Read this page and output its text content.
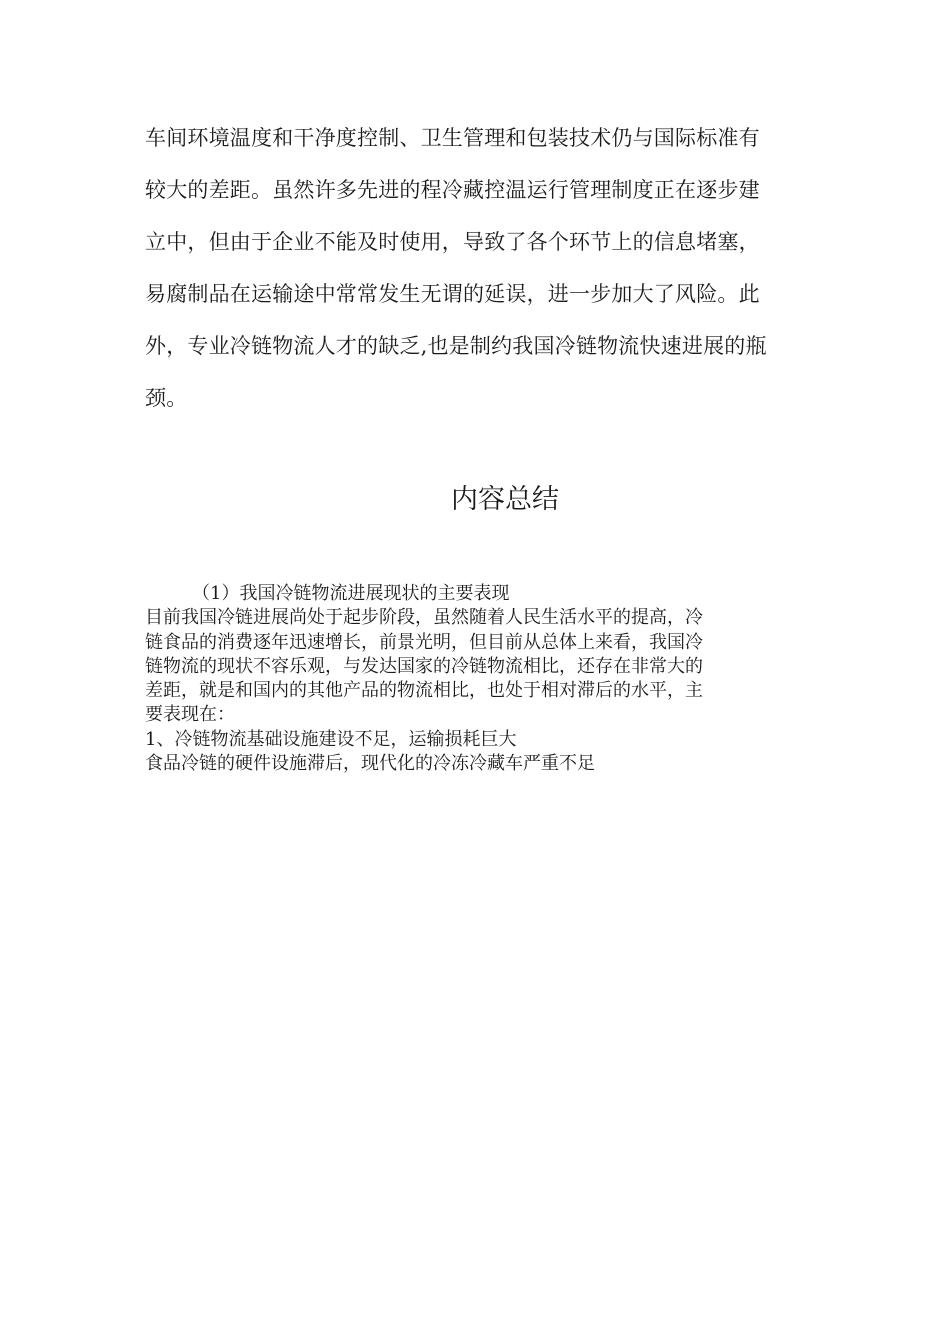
车间环境温度和干净度控制、卫生管理和包装技术仍与国际标准有
较大的差距。虽然许多先进的程冷藏控温运行管理制度正在逐步建
立中，但由于企业不能及时使用，导致了各个环节上的信息堵塞，
易腐制品在运输途中常常发生无谓的延误，进一步加大了风险。此
外，专业冷链物流人才的缺乏,也是制约我国冷链物流快速进展的瓶
颈。
内容总结
（1）我国冷链物流进展现状的主要表现
目前我国冷链进展尚处于起步阶段，虽然随着人民生活水平的提高，冷
链食品的消费逐年迅速增长，前景光明，但目前从总体上来看，我国冷
链物流的现状不容乐观，与发达国家的冷链物流相比，还存在非常大的
差距，就是和国内的其他产品的物流相比，也处于相对滞后的水平，主
要表现在：
1、冷链物流基础设施建设不足，运输损耗巨大
食品冷链的硬件设施滞后，现代化的冷冻冷藏车严重不足
